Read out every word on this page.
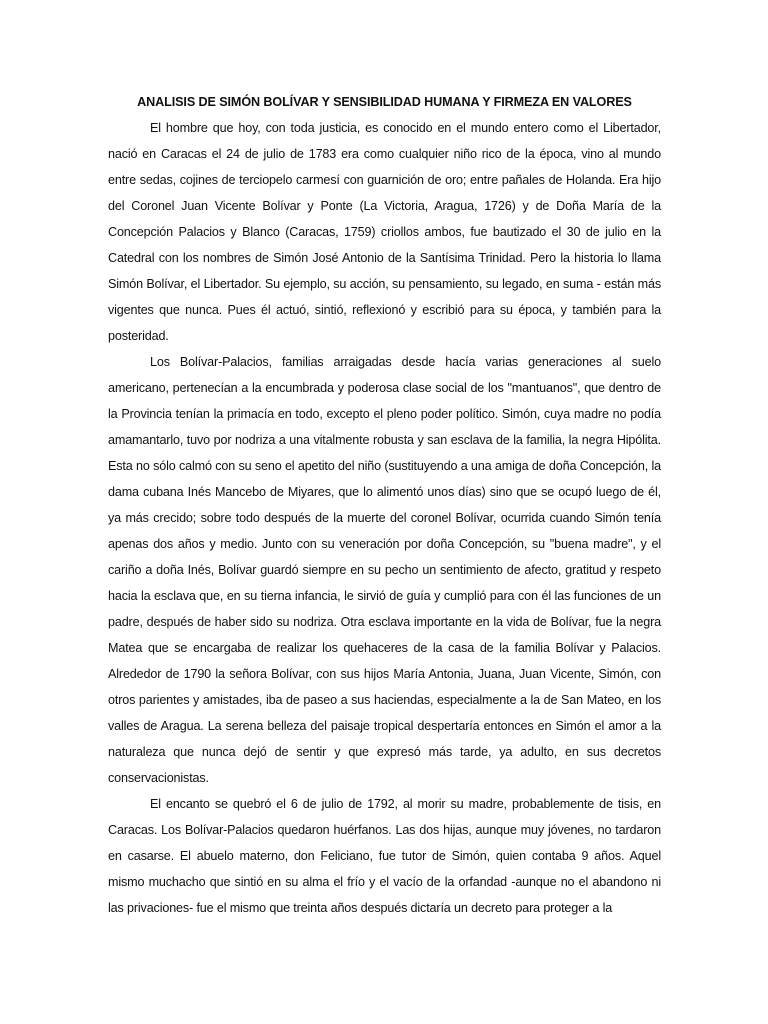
ANALISIS DE SIMÓN BOLÍVAR Y SENSIBILIDAD HUMANA Y FIRMEZA EN VALORES

El hombre que hoy, con toda justicia, es conocido en el mundo entero como el Libertador, nació en Caracas el 24 de julio de 1783 era como cualquier niño rico de la época, vino al mundo entre sedas, cojines de terciopelo carmesí con guarnición de oro; entre pañales de Holanda. Era hijo del Coronel Juan Vicente Bolívar y Ponte (La Victoria, Aragua, 1726) y de Doña María de la Concepción Palacios y Blanco (Caracas, 1759) criollos ambos, fue bautizado el 30 de julio en la Catedral con los nombres de Simón José Antonio de la Santísima Trinidad. Pero la historia lo llama Simón Bolívar, el Libertador. Su ejemplo, su acción, su pensamiento, su legado, en suma - están más vigentes que nunca. Pues él actuó, sintió, reflexionó y escribió para su época, y también para la posteridad.

Los Bolívar-Palacios, familias arraigadas desde hacía varias generaciones al suelo americano, pertenecían a la encumbrada y poderosa clase social de los "mantuanos", que dentro de la Provincia tenían la primacía en todo, excepto el pleno poder político. Simón, cuya madre no podía amamantarlo, tuvo por nodriza a una vitalmente robusta y san esclava de la familia, la negra Hipólita. Esta no sólo calmó con su seno el apetito del niño (sustituyendo a una amiga de doña Concepción, la dama cubana Inés Mancebo de Miyares, que lo alimentó unos días) sino que se ocupó luego de él, ya más crecido; sobre todo después de la muerte del coronel Bolívar, ocurrida cuando Simón tenía apenas dos años y medio. Junto con su veneración por doña Concepción, su "buena madre", y el cariño a doña Inés, Bolívar guardó siempre en su pecho un sentimiento de afecto, gratitud y respeto hacia la esclava que, en su tierna infancia, le sirvió de guía y cumplió para con él las funciones de un padre, después de haber sido su nodriza. Otra esclava importante en la vida de Bolívar, fue la negra Matea que se encargaba de realizar los quehaceres de la casa de la familia Bolívar y Palacios. Alrededor de 1790 la señora Bolívar, con sus hijos María Antonia, Juana, Juan Vicente, Simón, con otros parientes y amistades, iba de paseo a sus haciendas, especialmente a la de San Mateo, en los valles de Aragua. La serena belleza del paisaje tropical despertaría entonces en Simón el amor a la naturaleza que nunca dejó de sentir y que expresó más tarde, ya adulto, en sus decretos conservacionistas.

El encanto se quebró el 6 de julio de 1792, al morir su madre, probablemente de tisis, en Caracas. Los Bolívar-Palacios quedaron huérfanos. Las dos hijas, aunque muy jóvenes, no tardaron en casarse. El abuelo materno, don Feliciano, fue tutor de Simón, quien contaba 9 años. Aquel mismo muchacho que sintió en su alma el frío y el vacío de la orfandad -aunque no el abandono ni las privaciones- fue el mismo que treinta años después dictaría un decreto para proteger a la
